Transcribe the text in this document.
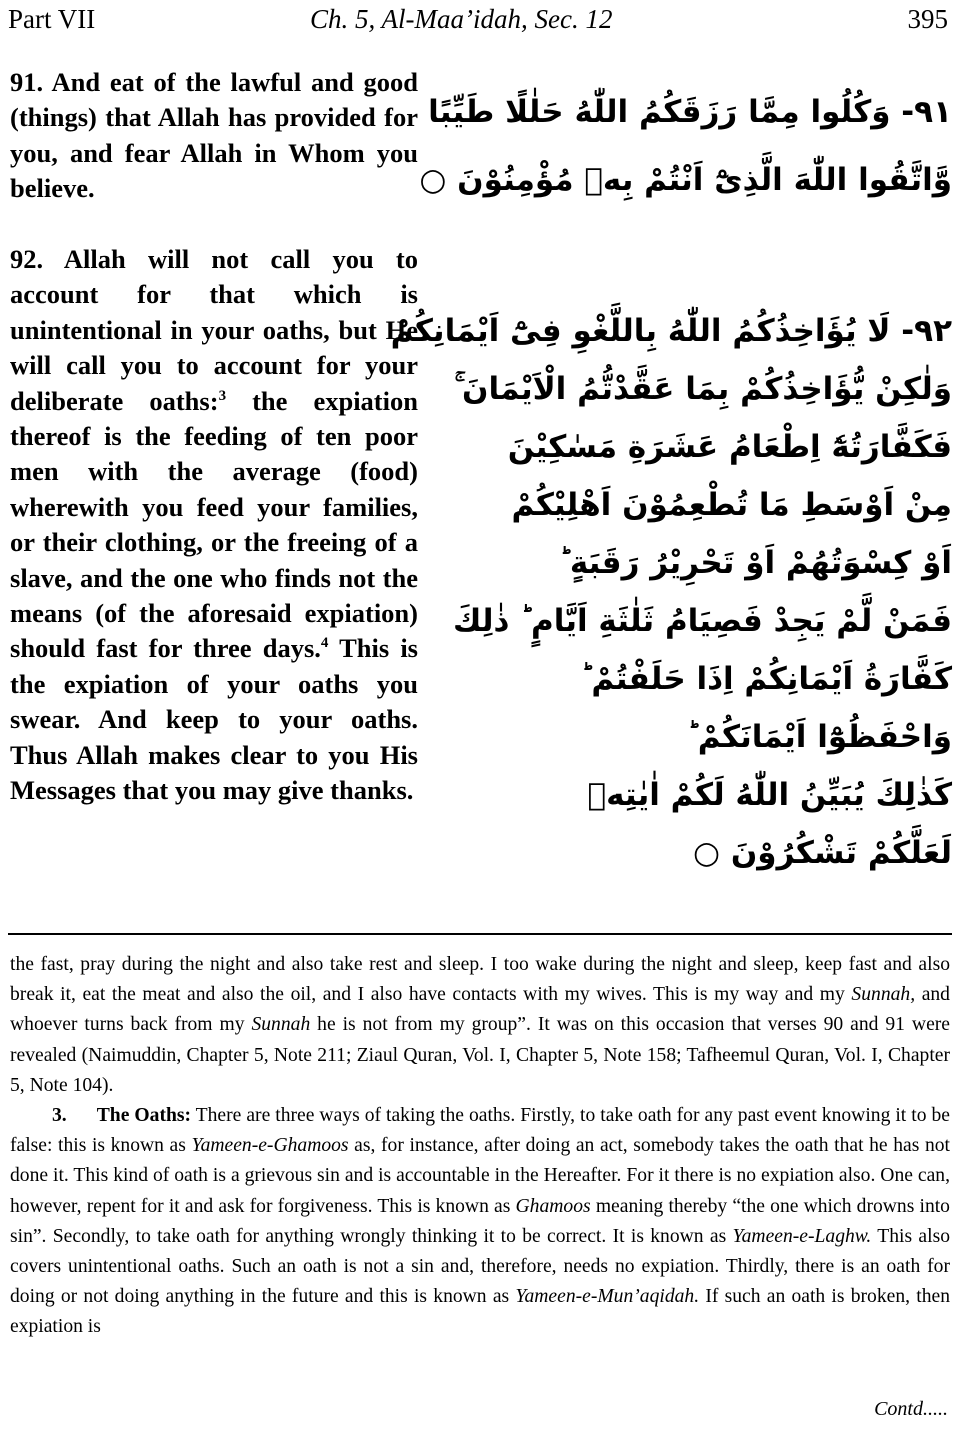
Part VII	Ch. 5, Al-Maa’idah, Sec. 12	395
91. And eat of the lawful and good (things) that Allah has provided for you, and fear Allah in Whom you believe.
٩١- وَكُلُوا مِمَّا رَزَقَكُمُ اللّٰهُ حَلٰلًا طَيِّبًا
وَّاتَّقُوا اللّٰهَ الَّذِیْٓ اَنْتُمْ بِهٖ مُؤْمِنُوْنَ ○
92. Allah will not call you to account for that which is unintentional in your oaths, but He will call you to account for your deliberate oaths:$^3$ the expiation thereof is the feeding of ten poor men with the average (food) wherewith you feed your families, or their clothing, or the freeing of a slave, and the one who finds not the means (of the aforesaid expiation) should fast for three days.$^4$ This is the expiation of your oaths you swear. And keep to your oaths. Thus Allah makes clear to you His Messages that you may give thanks.
٩٢- لَا يُؤَاخِذُكُمُ اللّٰهُ بِاللَّغْوِ فِیْٓ اَيْمَانِكُمْ
وَلٰكِنْ يُّؤَاخِذُكُمْ بِمَا عَقَّدْتُّمُ الْاَيْمَانَ ۚ
فَكَفَّارَتُهٗٓ اِطْعَامُ عَشَرَةِ مَسٰكِيْنَ
مِنْ اَوْسَطِ مَا تُطْعِمُوْنَ اَهْلِيْكُمْ
اَوْ كِسْوَتُهُمْ اَوْ تَحْرِيْرُ رَقَبَةٍ ؕ
فَمَنْ لَّمْ يَجِدْ فَصِيَامُ ثَلٰثَةِ اَيَّامٍ ؕ ذٰلِكَ
كَفَّارَةُ اَيْمَانِكُمْ اِذَا حَلَفْتُمْ ؕ
وَاحْفَظُوْٓا اَيْمَانَكُمْ ؕ
كَذٰلِكَ يُبَيِّنُ اللّٰهُ لَكُمْ اٰيٰتِهٖ
لَعَلَّكُمْ تَشْكُرُوْنَ ○

the fast, pray during the night and also take rest and sleep. I too wake during the night and sleep, keep fast and also break it, eat the meat and also the oil, and I also have contacts with my wives. This is my way and my Sunnah, and whoever turns back from my Sunnah he is not from my group”. It was on this occasion that verses 90 and 91 were revealed (Naimuddin, Chapter 5, Note 211; Ziaul Quran, Vol. I, Chapter 5, Note 158; Tafheemul Quran, Vol. I, Chapter 5, Note 104).

3. The Oaths: There are three ways of taking the oaths. Firstly, to take oath for any past event knowing it to be false: this is known as Yameen-e-Ghamoos as, for instance, after doing an act, somebody takes the oath that he has not done it. This kind of oath is a grievous sin and is accountable in the Hereafter. For it there is no expiation also. One can, however, repent for it and ask for forgiveness. This is known as Ghamoos meaning thereby “the one which drowns into sin”. Secondly, to take oath for anything wrongly thinking it to be correct. It is known as Yameen-e-Laghw. This also covers unintentional oaths. Such an oath is not a sin and, therefore, needs no expiation. Thirdly, there is an oath for doing or not doing anything in the future and this is known as Yameen-e-Mun’aqidah. If such an oath is broken, then expiation is

Contd.....
